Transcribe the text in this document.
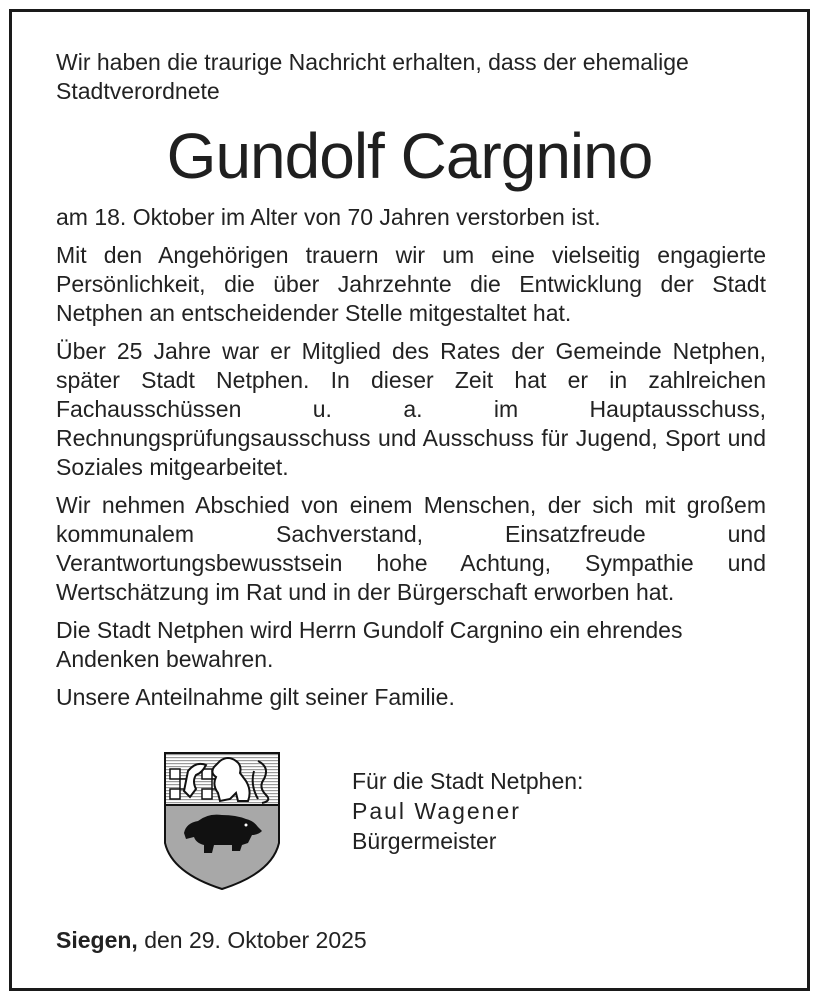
Wir haben die traurige Nachricht erhalten, dass der ehemalige Stadtverordnete
Gundolf Cargnino

am 18. Oktober im Alter von 70 Jahren verstorben ist.

Mit den Angehörigen trauern wir um eine vielseitig engagierte Persönlichkeit, die über Jahrzehnte die Entwicklung der Stadt Netphen an entscheidender Stelle mitgestaltet hat.

Über 25 Jahre war er Mitglied des Rates der Gemeinde Netphen, später Stadt Netphen. In dieser Zeit hat er in zahlreichen Fachausschüssen u. a. im Hauptausschuss, Rechnungsprüfungsausschuss und Ausschuss für Jugend, Sport und Soziales mitgearbeitet.

Wir nehmen Abschied von einem Menschen, der sich mit großem kommunalem Sachverstand, Einsatzfreude und Verantwortungsbewusstsein hohe Achtung, Sympathie und Wertschätzung im Rat und in der Bürgerschaft erworben hat.

Die Stadt Netphen wird Herrn Gundolf Cargnino ein ehrendes Andenken bewahren.

Unsere Anteilnahme gilt seiner Familie.

Für die Stadt Netphen:
Paul Wagener
Bürgermeister
Siegen, den 29. Oktober 2025
